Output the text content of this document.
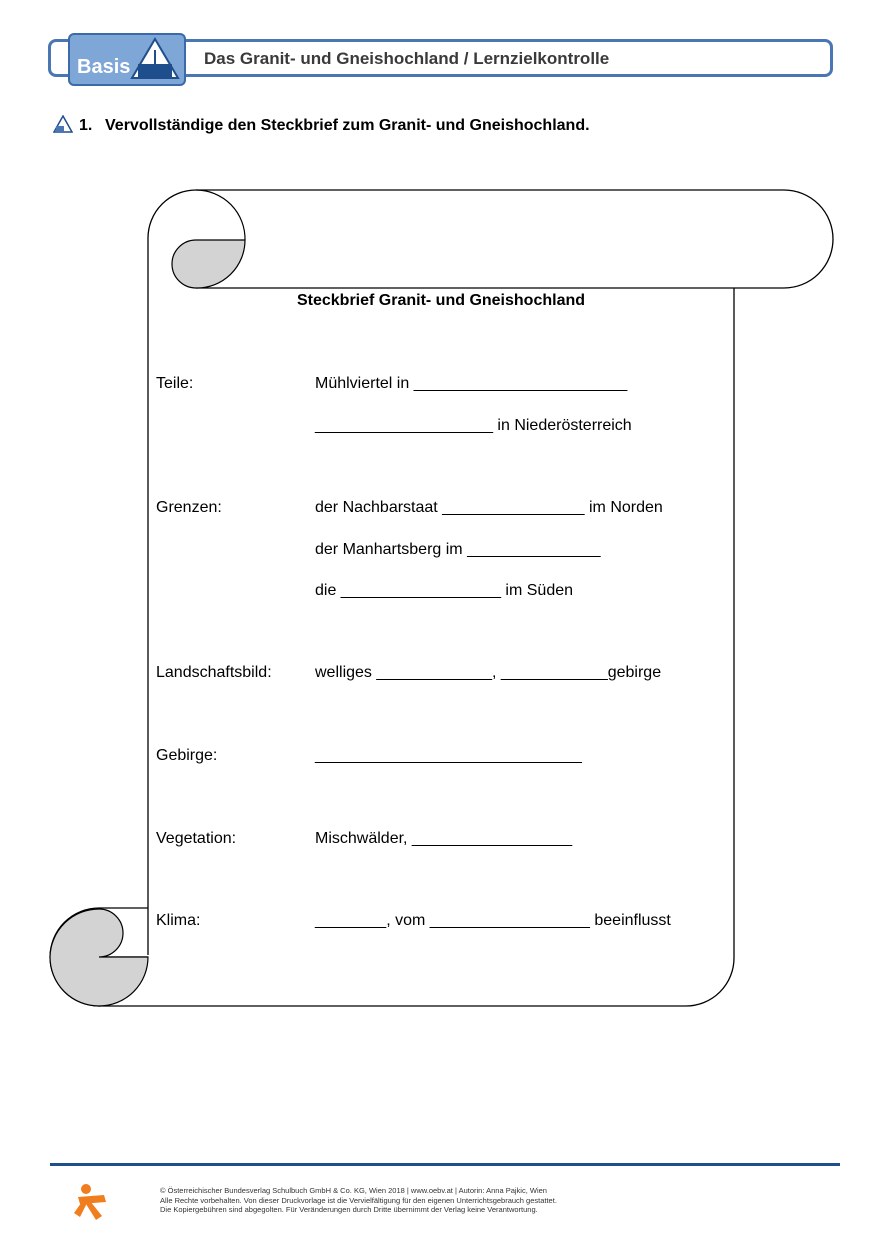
Basis	Das Granit- und Gneishochland / Lernzielkontrolle
1. Vervollständige den Steckbrief zum Granit- und Gneishochland.
Steckbrief Granit- und Gneishochland
Teile:	Mühlviertel in ________________________
____________________ in Niederösterreich
Grenzen:	der Nachbarstaat ________________ im Norden
der Manhartsberg im _______________
die __________________ im Süden
Landschaftsbild:	welliges _____________, ____________gebirge
Gebirge:	______________________________
Vegetation:	Mischwälder, __________________
Klima:	________, vom __________________ beeinflusst
© Österreichischer Bundesverlag Schulbuch GmbH & Co. KG, Wien 2018 | www.oebv.at | Autorin: Anna Pajkic, Wien
Alle Rechte vorbehalten. Von dieser Druckvorlage ist die Vervielfältigung für den eigenen Unterrichtsgebrauch gestattet.
Die Kopiergebühren sind abgegolten. Für Veränderungen durch Dritte übernimmt der Verlag keine Verantwortung.
